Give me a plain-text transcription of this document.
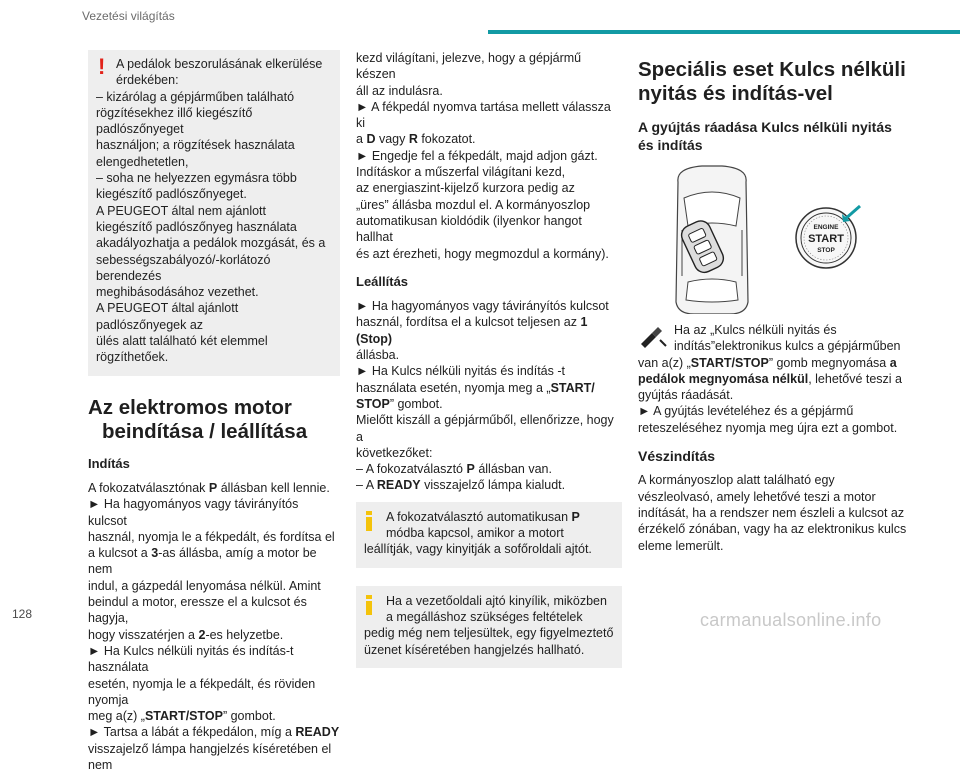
Vezetési világítás
! A pedálok beszorulásának elkerülése

érdekében:

– kizárólag a gépjárműben található

rögzítésekhez illő kiegészítő padlószőnyeget

használjon; a rögzítések használata

elengedhetetlen,

– soha ne helyezzen egymásra több

kiegészítő padlószőnyeget.

A PEUGEOT által nem ajánlott

kiegészítő padlószőnyeg használata

akadályozhatja a pedálok mozgását, és a

sebességszabályozó/-korlátozó berendezés

meghibásodásához vezethet.

A PEUGEOT által ajánlott padlószőnyegek az

ülés alatt található két elemmel rögzíthetőek.

Az elektromos motor
beindítása / leállítása
Indítás

A fokozatválasztónak P állásban kell lennie.

► Ha hagyományos vagy távirányítós kulcsot

használ, nyomja le a fékpedált, és fordítsa el

a kulcsot a 3-as állásba, amíg a motor be nem

indul, a gázpedál lenyomása nélkül. Amint

beindul a motor, eressze el a kulcsot és hagyja,

hogy visszatérjen a 2-es helyzetbe.

► Ha Kulcs nélküli nyitás és indítás-t használata

esetén, nyomja le a fékpedált, és röviden nyomja

meg a(z) „START/STOP” gombot.

► Tartsa a lábát a fékpedálon, míg a READY

visszajelző lámpa hangjelzés kíséretében el nem

kezd világítani, jelezve, hogy a gépjármű készen

áll az indulásra.

► A fékpedál nyomva tartása mellett válassza ki

a D vagy R fokozatot.

► Engedje fel a fékpedált, majd adjon gázt.

Indításkor a műszerfal világítani kezd,

az energiaszint-kijelző kurzora pedig az

„üres” állásba mozdul el. A kormányoszlop

automatikusan kioldódik (ilyenkor hangot hallhat

és azt érezheti, hogy megmozdul a kormány).

Leállítás

► Ha hagyományos vagy távirányítós kulcsot

használ, fordítsa el a kulcsot teljesen az 1 (Stop)

állásba.

► Ha Kulcs nélküli nyitás és indítás -t

használata esetén, nyomja meg a „START/

STOP” gombot.

Mielőtt kiszáll a gépjárműből, ellenőrizze, hogy a

következőket:

– A fokozatválasztó P állásban van.

– A READY visszajelző lámpa kialudt.

A fokozatválasztó automatikusan P

módba kapcsol, amikor a motort

leállítják, vagy kinyitják a sofőroldali ajtót.

Ha a vezetőoldali ajtó kinyílik, miközben

a megálláshoz szükséges feltételek

pedig még nem teljesültek, egy figyelmeztető

üzenet kíséretében hangjelzés hallható.

Speciális eset Kulcs nélküli
nyitás és indítás-vel
A gyújtás ráadása Kulcs nélküli nyitás
és indítás
ENGINE
START
STOP

Ha az „Kulcs nélküli nyitás és

indítás”elektronikus kulcs a gépjárműben

van a(z) „START/STOP” gomb megnyomása a

pedálok megnyomása nélkül, lehetővé teszi a

gyújtás ráadását.

► A gyújtás levételéhez és a gépjármű

reteszeléséhez nyomja meg újra ezt a gombot.

Vészindítás

A kormányoszlop alatt található egy

vészleolvasó, amely lehetővé teszi a motor

indítását, ha a rendszer nem észleli a kulcsot az

érzékelő zónában, vagy ha az elektronikus kulcs

eleme lemerült.

128	carmanualsonline.info
